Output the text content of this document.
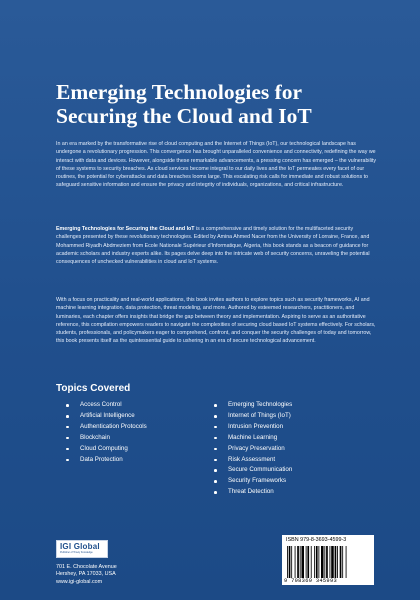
Emerging Technologies for
Securing the Cloud and IoT

In an era marked by the transformative rise of cloud computing and the Internet of Things (IoT), our technological landscape has undergone a revolutionary progression. This convergence has brought unparalleled convenience and connectivity, redefining the way we interact with data and devices. However, alongside these remarkable advancements, a pressing concern has emerged – the vulnerability of these systems to security breaches. As cloud services become integral to our daily lives and the IoT permeates every facet of our routines, the potential for cyberattacks and data breaches looms large. This escalating risk calls for immediate and robust solutions to safeguard sensitive information and ensure the privacy and integrity of individuals, organizations, and critical infrastructure.

Emerging Technologies for Securing the Cloud and IoT is a comprehensive and timely solution for the multifaceted security challenges presented by these revolutionary technologies. Edited by Amina Ahmed Nacer from the University of Lorraine, France, and Mohammed Riyadh Abdmeziem from Ecole Nationale Supérieur d'Informatique, Algeria, this book stands as a beacon of guidance for academic scholars and industry experts alike. Its pages delve deep into the intricate web of security concerns, unraveling the potential consequences of unchecked vulnerabilities in cloud and IoT systems.

With a focus on practicality and real-world applications, this book invites authors to explore topics such as security frameworks, AI and machine learning integration, data protection, threat modeling, and more. Authored by esteemed researchers, practitioners, and luminaries, each chapter offers insights that bridge the gap between theory and implementation. Aspiring to serve as an authoritative reference, this compilation empowers readers to navigate the complexities of securing cloud based IoT systems effectively. For scholars, students, professionals, and policymakers eager to comprehend, confront, and conquer the security challenges of today and tomorrow, this book presents itself as the quintessential guide to ushering in an era of secure technological advancement.

Topics Covered
Access Control
Artificial Intelligence
Authentication Protocols
Blockchain
Cloud Computing
Data Protection
Emerging Technologies
Internet of Things (IoT)
Intrusion Prevention
Machine Learning
Privacy Preservation
Risk Assessment
Secure Communication
Security Frameworks
Threat Detection
IGI Global
Publisher of Timely Knowledge
701 E. Chocolate Avenue
Hershey, PA 17033, USA
www.igi-global.com
ISBN 979-8-3693-4599-3
9 798369 345993
